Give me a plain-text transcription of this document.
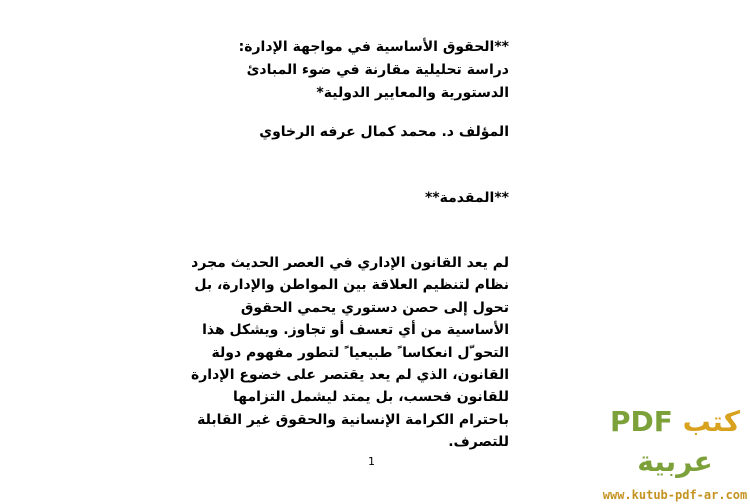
**الحقوق الأساسية في مواجهة الإدارة:
دراسة تحليلية مقارنة في ضوء المبادئ
الدستورية والمعايير الدولية*
المؤلف د. محمد كمال عرفه الرخاوي
**المقدمة**
لم يعد القانون الإداري في العصر الحديث مجرد
نظام لتنظيم العلاقة بين المواطن والإدارة، بل
تحول إلى حصن دستوري يحمي الحقوق
الأساسية من أي تعسف أو تجاوز. ويشكل هذا
التحو ّل انعكاسا ً طبيعيا ً لتطور مفهوم دولة
القانون، الذي لم يعد يقتصر على خضوع الإدارة
للقانون فحسب، بل يمتد ليشمل التزامها
باحترام الكرامة الإنسانية والحقوق غير القابلة
للتصرف.
1
كتب PDF عربية
www.kutub-pdf-ar.com
